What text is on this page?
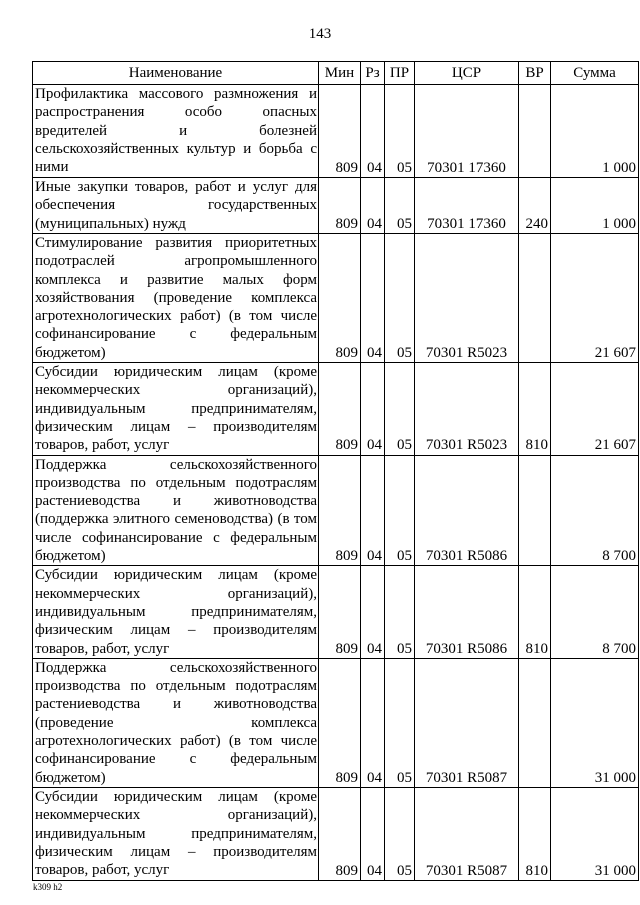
143
Наименование	Мин	Рз	ПР	ЦСР	ВР	Сумма
Профилактика массового размножения и распространения особо опасных вредителей и болезней сельскохозяйственных культур и борьба с ними	809	04	05	70301 17360		1 000
Иные закупки товаров, работ и услуг для обеспечения государственных (муниципальных) нужд	809	04	05	70301 17360	240	1 000
Стимулирование развития приоритетных подотраслей агропромышленного комплекса и развитие малых форм хозяйствования (проведение комплекса агротехнологических работ) (в том числе софинансирование с федеральным бюджетом)	809	04	05	70301 R5023		21 607
Субсидии юридическим лицам (кроме некоммерческих организаций), индивидуальным предпринимателям, физическим лицам – производителям товаров, работ, услуг	809	04	05	70301 R5023	810	21 607
Поддержка сельскохозяйственного производства по отдельным подотраслям растениеводства и животноводства (поддержка элитного семеноводства) (в том числе софинансирование с федеральным бюджетом)	809	04	05	70301 R5086		8 700
Субсидии юридическим лицам (кроме некоммерческих организаций), индивидуальным предпринимателям, физическим лицам – производителям товаров, работ, услуг	809	04	05	70301 R5086	810	8 700
Поддержка сельскохозяйственного производства по отдельным подотраслям растениеводства и животноводства (проведение комплекса агротехнологических работ) (в том числе софинансирование с федеральным бюджетом)	809	04	05	70301 R5087		31 000
Субсидии юридическим лицам (кроме некоммерческих организаций), индивидуальным предпринимателям, физическим лицам – производителям товаров, работ, услуг	809	04	05	70301 R5087	810	31 000
k309 h2
